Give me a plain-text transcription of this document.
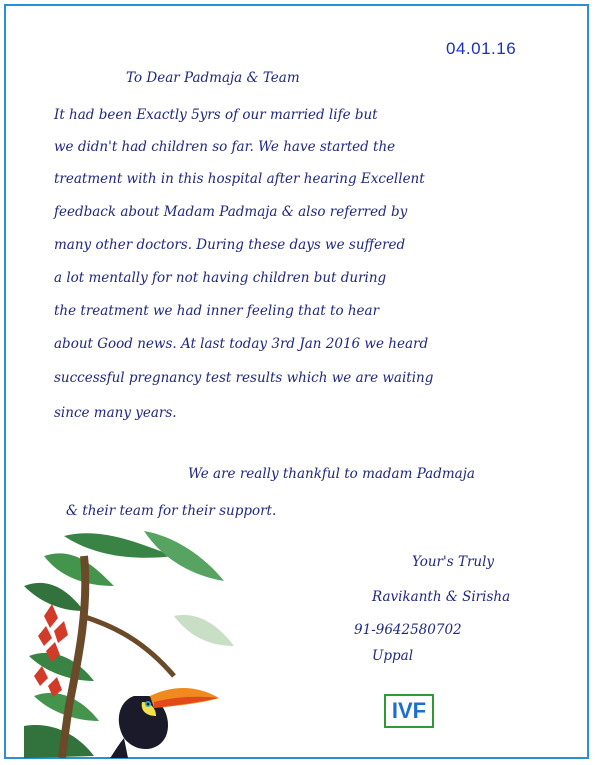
04.01.16
To Dear Padmaja & Team
It had been Exactly 5yrs of our married life but
we didn't had children so far. We have started the
treatment with in this hospital after hearing Excellent
feedback about Madam Padmaja & also referred by
many other doctors. During these days we suffered
a lot mentally for not having children but during
the treatment we had inner feeling that to hear
about Good news. At last today 3rd Jan 2016 we heard
successful pregnancy test results which we are waiting
since many years.
We are really thankful to madam Padmaja
& their team for their support.
Your's Truly
Ravikanth & Sirisha
91-9642580702
Uppal
IVF
